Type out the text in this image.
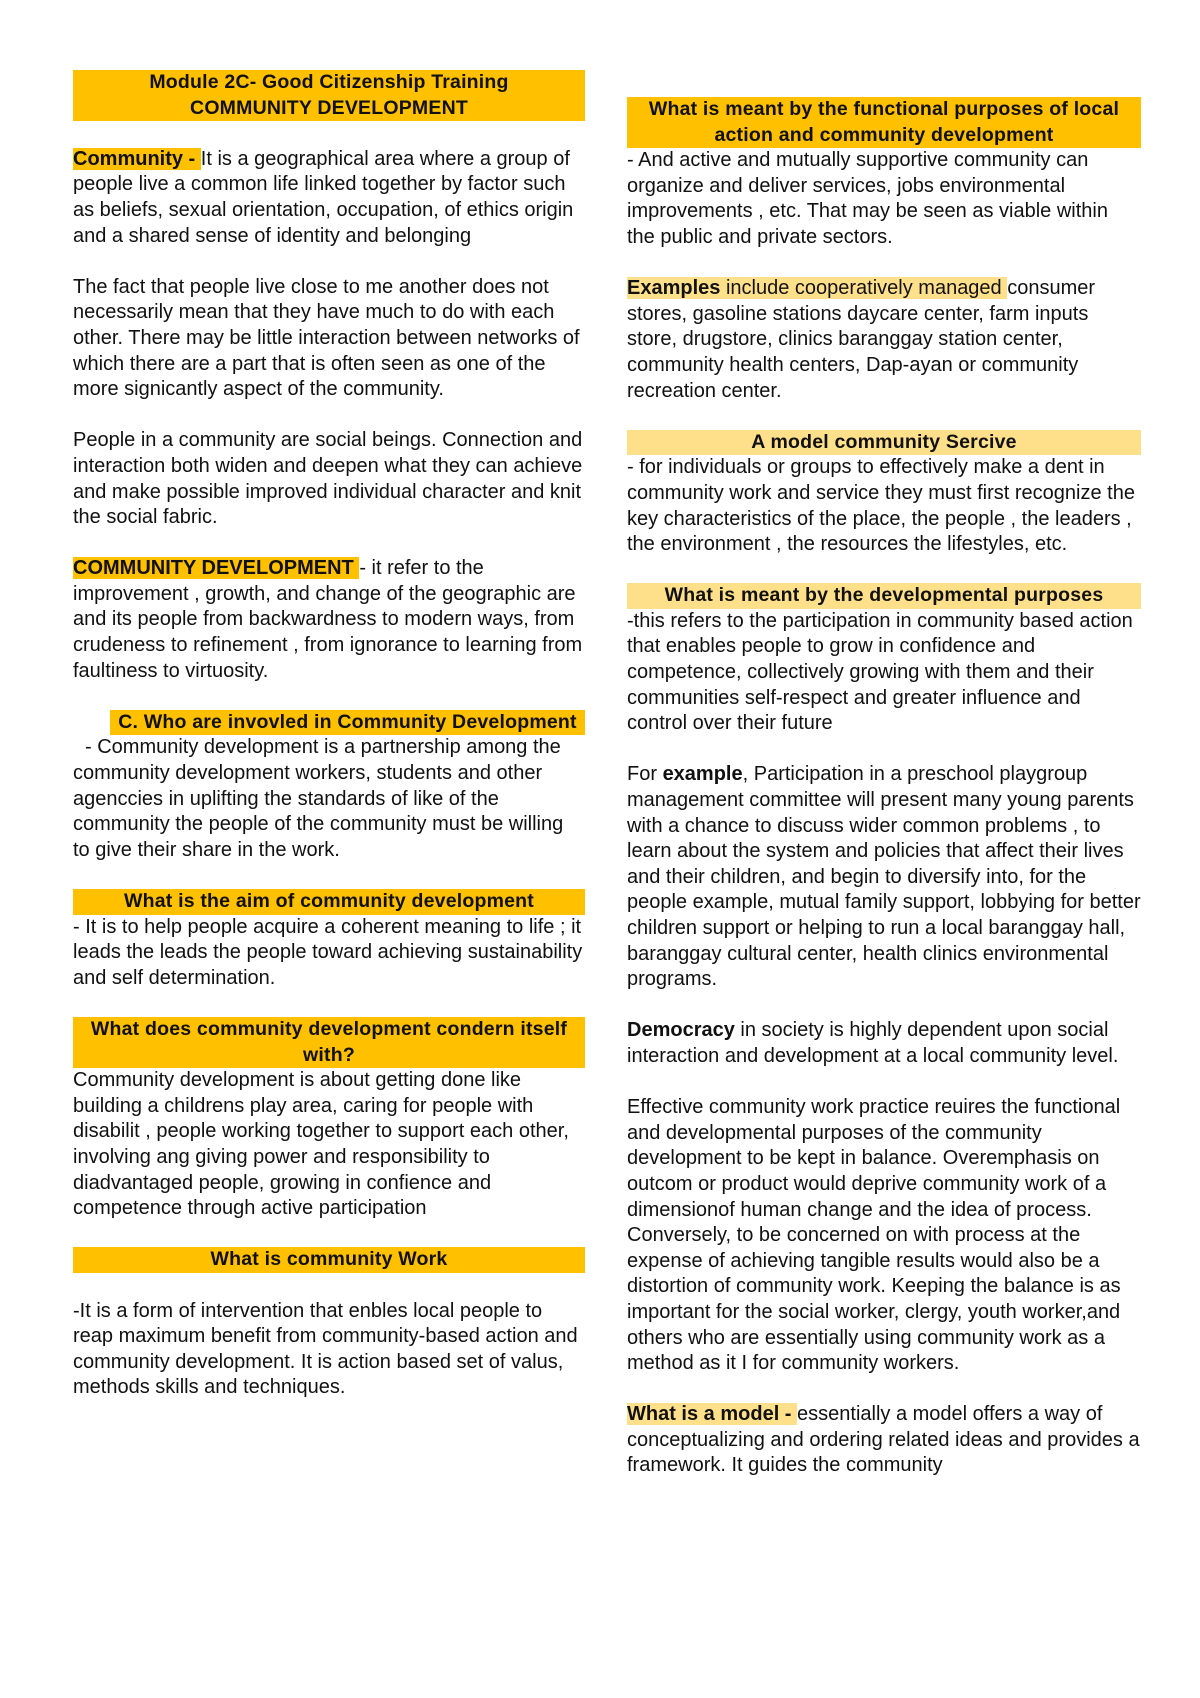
Module 2C- Good Citizenship Training
COMMUNITY DEVELOPMENT

Community - It is a geographical area where a group of people live a common life linked together by factor such as beliefs, sexual orientation, occupation, of ethics origin and a shared sense of identity and belonging

The fact that people live close to me another does not necessarily mean that they have much to do with each other. There may be little interaction between networks of which there are a part that is often seen as one of the more signicantly aspect of the community.

People in a community are social beings. Connection and interaction both widen and deepen what they can achieve and make possible improved individual character and knit the social fabric.

COMMUNITY DEVELOPMENT - it refer to the improvement , growth, and change of the geographic are and its people from backwardness to modern ways, from crudeness to refinement , from ignorance to learning from faultiness to virtuosity.

C. Who are invovled in Community Development

- Community development is a partnership among the community development workers, students and other agenccies in uplifting the standards of like of the community the people of the community must be willing to give their share in the work.

What is the aim of community development

- It is to help people acquire a coherent meaning to life ; it leads the leads the people toward achieving sustainability and self determination.

What does community development condern itself with?

Community development is about getting done like building a childrens play area, caring for people with disabilit , people working together to support each other, involving ang giving power and responsibility to diadvantaged people, growing in confience and competence through active participation

What is community Work

-It is a form of intervention that enbles local people to reap maximum benefit from community-based action and community development. It is action based set of valus, methods skills and techniques.

What is meant by the functional purposes of local action and community development

- And active and mutually supportive community can organize and deliver services, jobs environmental improvements , etc. That may be seen as viable within the public and private sectors.

Examples include cooperatively managed consumer stores, gasoline stations daycare center, farm inputs store, drugstore, clinics baranggay station center, community health centers, Dap-ayan or community recreation center.

A model community Sercive

- for individuals or groups to effectively make a dent in community work and service they must first recognize the key characteristics of the place, the people , the leaders , the environment , the resources the lifestyles, etc.

What is meant by the developmental purposes

-this refers to the participation in community based action that enables people to grow in confidence and competence, collectively growing with them and their communities self-respect and greater influence and control over their future

For example, Participation in a preschool playgroup management committee will present many young parents with a chance to discuss wider common problems , to learn about the system and policies that affect their lives and their children, and begin to diversify into, for the people example, mutual family support, lobbying for better children support or helping to run a local baranggay hall, baranggay cultural center, health clinics environmental programs.

Democracy in society is highly dependent upon social interaction and development at a local community level.

Effective community work practice reuires the functional and developmental purposes of the community development to be kept in balance. Overemphasis on outcom or product would deprive community work of a dimensionof human change and the idea of process. Conversely, to be concerned on with process at the expense of achieving tangible results would also be a distortion of community work. Keeping the balance is as important for the social worker, clergy, youth worker,and others who are essentially using community work as a method as it I for community workers.

What is a model - essentially a model offers a way of conceptualizing and ordering related ideas and provides a framework. It guides the community
